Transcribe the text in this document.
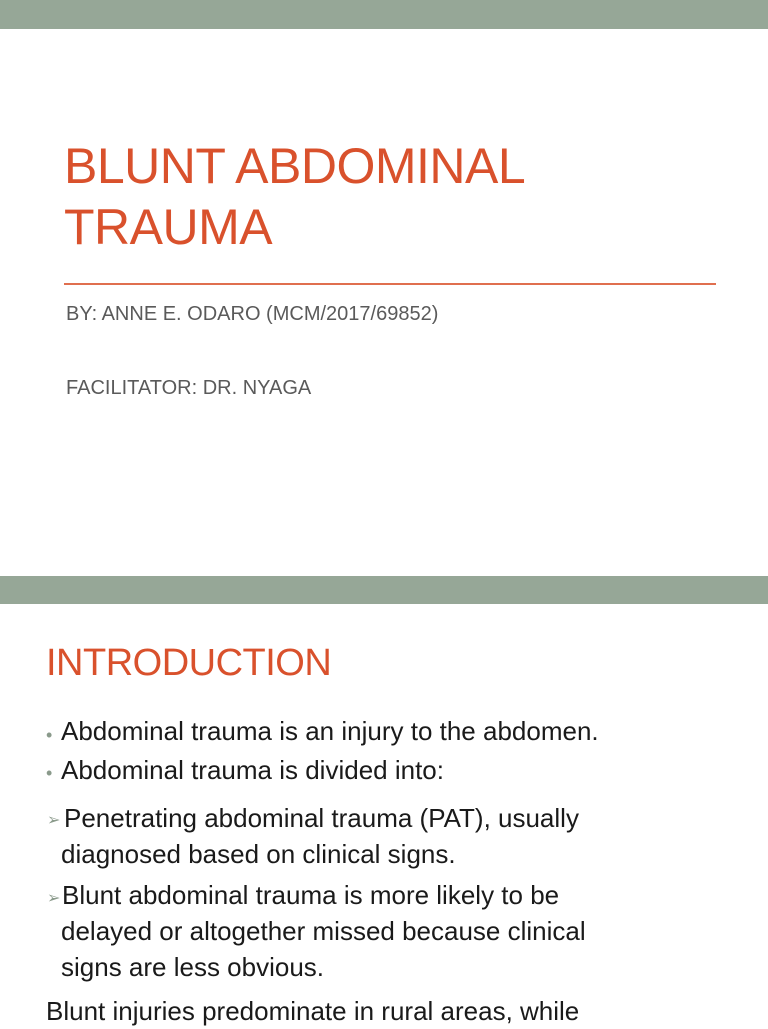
BLUNT ABDOMINAL
TRAUMA

BY: ANNE E. ODARO (MCM/2017/69852)

FACILITATOR: DR. NYAGA

INTRODUCTION
• Abdominal trauma is an injury to the abdomen.

• Abdominal trauma is divided into:

➢ Penetrating abdominal trauma (PAT), usually

diagnosed based on clinical signs.

➢ Blunt abdominal trauma is more likely to be

delayed or altogether missed because clinical

signs are less obvious.

Blunt injuries predominate in rural areas, while
